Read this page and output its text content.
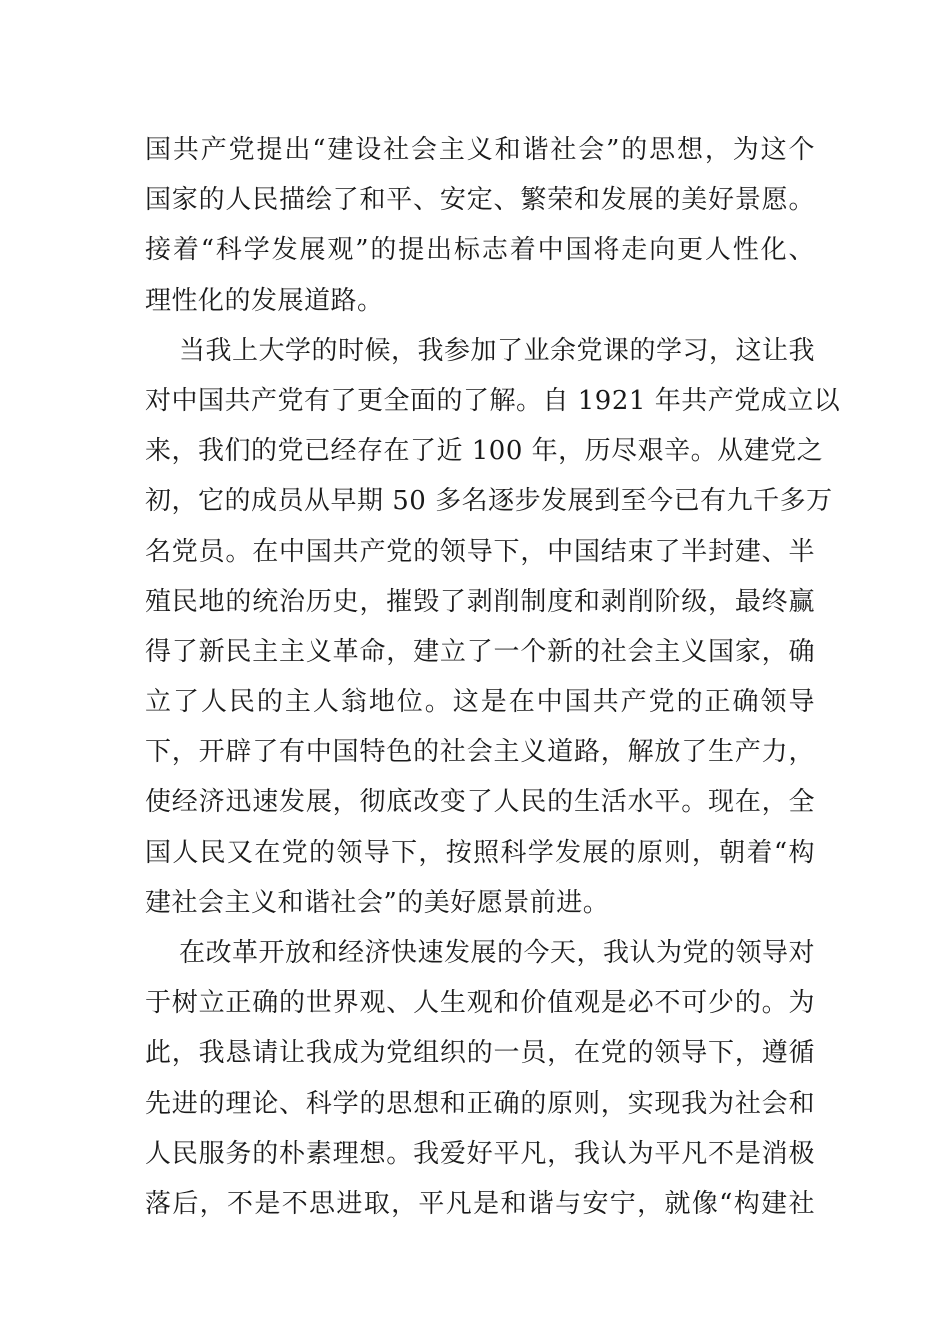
国共产党提出“建设社会主义和谐社会”的思想，为这个
国家的人民描绘了和平、安定、繁荣和发展的美好景愿。
接着“科学发展观”的提出标志着中国将走向更人性化、
理性化的发展道路。
当我上大学的时候，我参加了业余党课的学习，这让我
对中国共产党有了更全面的了解。自 1921 年共产党成立以
来，我们的党已经存在了近 100 年，历尽艰辛。从建党之
初，它的成员从早期 50 多名逐步发展到至今已有九千多万
名党员。在中国共产党的领导下，中国结束了半封建、半
殖民地的统治历史，摧毁了剥削制度和剥削阶级，最终赢
得了新民主主义革命，建立了一个新的社会主义国家，确
立了人民的主人翁地位。这是在中国共产党的正确领导
下，开辟了有中国特色的社会主义道路，解放了生产力，
使经济迅速发展，彻底改变了人民的生活水平。现在，全
国人民又在党的领导下，按照科学发展的原则，朝着“构
建社会主义和谐社会”的美好愿景前进。
在改革开放和经济快速发展的今天，我认为党的领导对
于树立正确的世界观、人生观和价值观是必不可少的。为
此，我恳请让我成为党组织的一员，在党的领导下，遵循
先进的理论、科学的思想和正确的原则，实现我为社会和
人民服务的朴素理想。我爱好平凡，我认为平凡不是消极
落后，不是不思进取，平凡是和谐与安宁，就像“构建社
